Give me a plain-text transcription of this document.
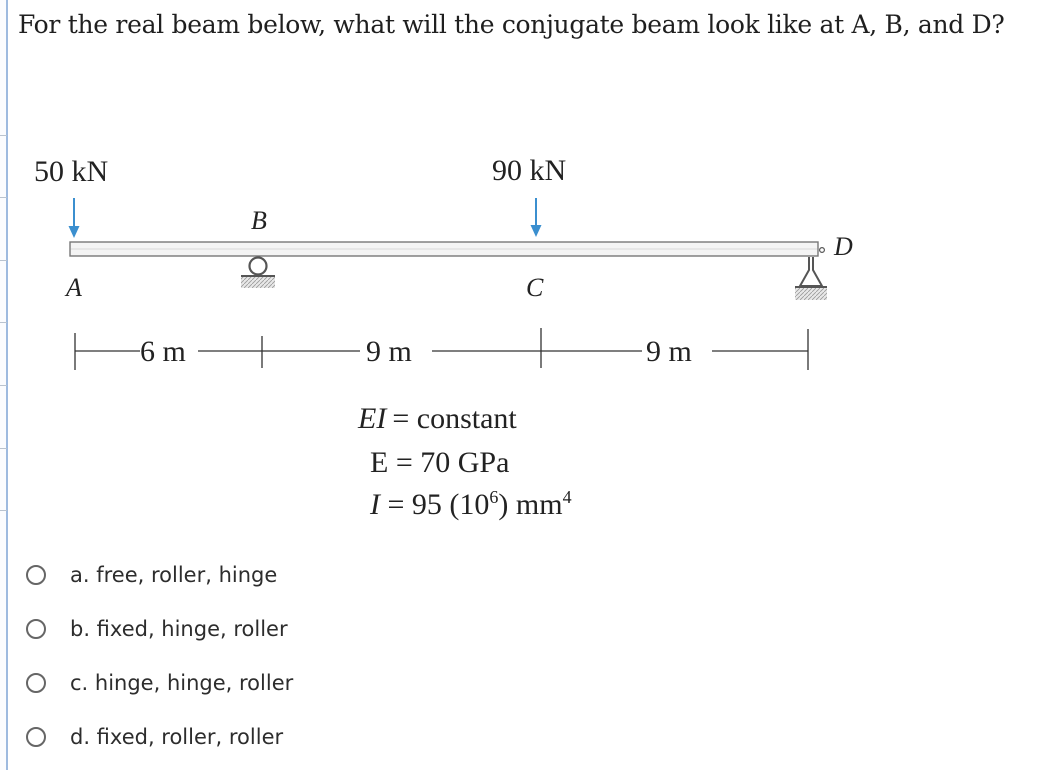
For the real beam below, what will the conjugate beam look like at A, B, and D?
50 kN	90 kN
A
B
C
D
6 m	9 m	9 m
EI = constant
E = 70 GPa
I = 95 $(10^6)$ $mm^4$
a. free, roller, hinge
b. fixed, hinge, roller
c. hinge, hinge, roller
d. fixed, roller, roller
